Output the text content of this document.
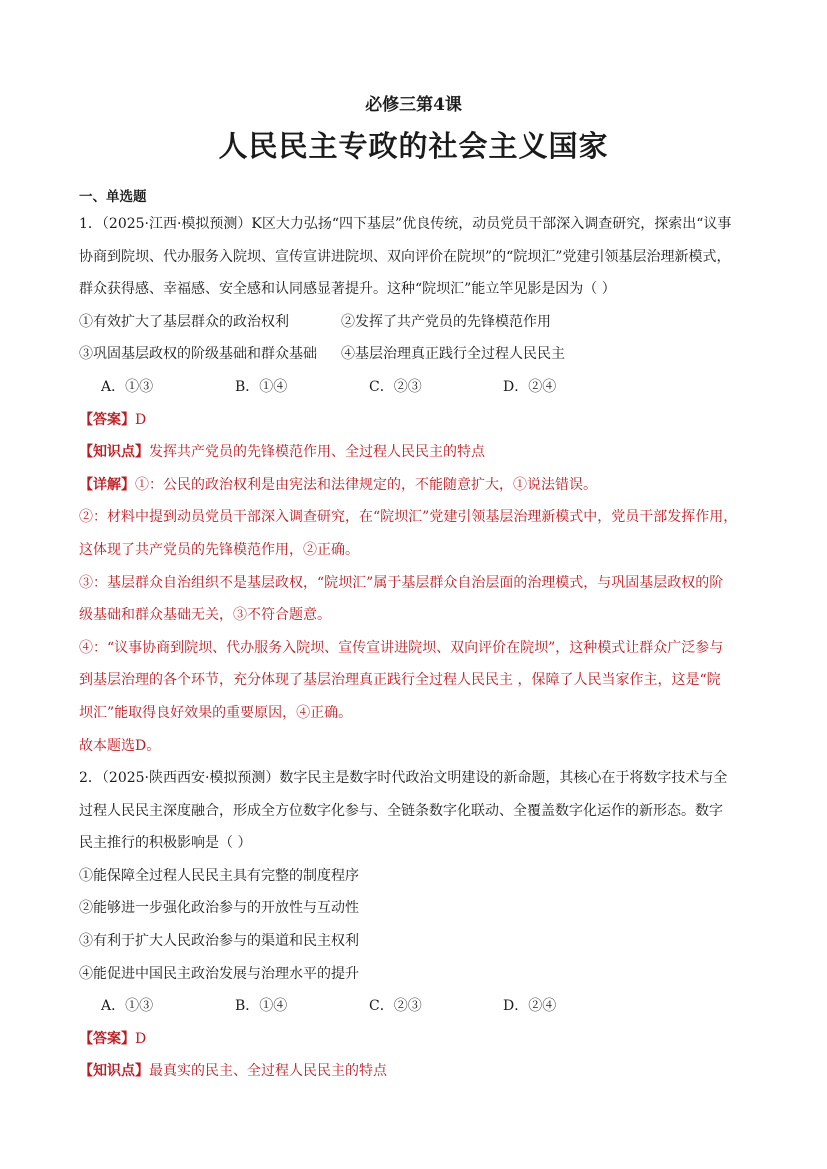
必修三第4课
人民民主专政的社会主义国家
一、单选题
1．（2025·江西·模拟预测）K区大力弘扬“四下基层”优良传统，动员党员干部深入调查研究，探索出“议事
协商到院坝、代办服务入院坝、宣传宣讲进院坝、双向评价在院坝”的“院坝汇”党建引领基层治理新模式，
群众获得感、幸福感、安全感和认同感显著提升。这种“院坝汇”能立竿见影是因为（ ）
①有效扩大了基层群众的政治权利	②发挥了共产党员的先锋模范作用
③巩固基层政权的阶级基础和群众基础 ④基层治理真正践行全过程人民民主
A．①③	B．①④	C．②③	D．②④
【答案】D
【知识点】发挥共产党员的先锋模范作用、全过程人民民主的特点
【详解】①：公民的政治权利是由宪法和法律规定的，不能随意扩大，①说法错误。
②：材料中提到动员党员干部深入调查研究，在“院坝汇”党建引领基层治理新模式中，党员干部发挥作用，
这体现了共产党员的先锋模范作用，②正确。
③：基层群众自治组织不是基层政权，“院坝汇”属于基层群众自治层面的治理模式，与巩固基层政权的阶
级基础和群众基础无关，③不符合题意。
④：“议事协商到院坝、代办服务入院坝、宣传宣讲进院坝、双向评价在院坝”，这种模式让群众广泛参与
到基层治理的各个环节，充分体现了基层治理真正践行全过程人民民主 ，保障了人民当家作主，这是“院
坝汇”能取得良好效果的重要原因，④正确。
故本题选D。
2．（2025·陕西西安·模拟预测）数字民主是数字时代政治文明建设的新命题，其核心在于将数字技术与全
过程人民民主深度融合，形成全方位数字化参与、全链条数字化联动、全覆盖数字化运作的新形态。数字
民主推行的积极影响是（ ）
①能保障全过程人民民主具有完整的制度程序
②能够进一步强化政治参与的开放性与互动性
③有利于扩大人民政治参与的渠道和民主权利
④能促进中国民主政治发展与治理水平的提升
A．①③	B．①④	C．②③	D．②④
【答案】D
【知识点】最真实的民主、全过程人民民主的特点
